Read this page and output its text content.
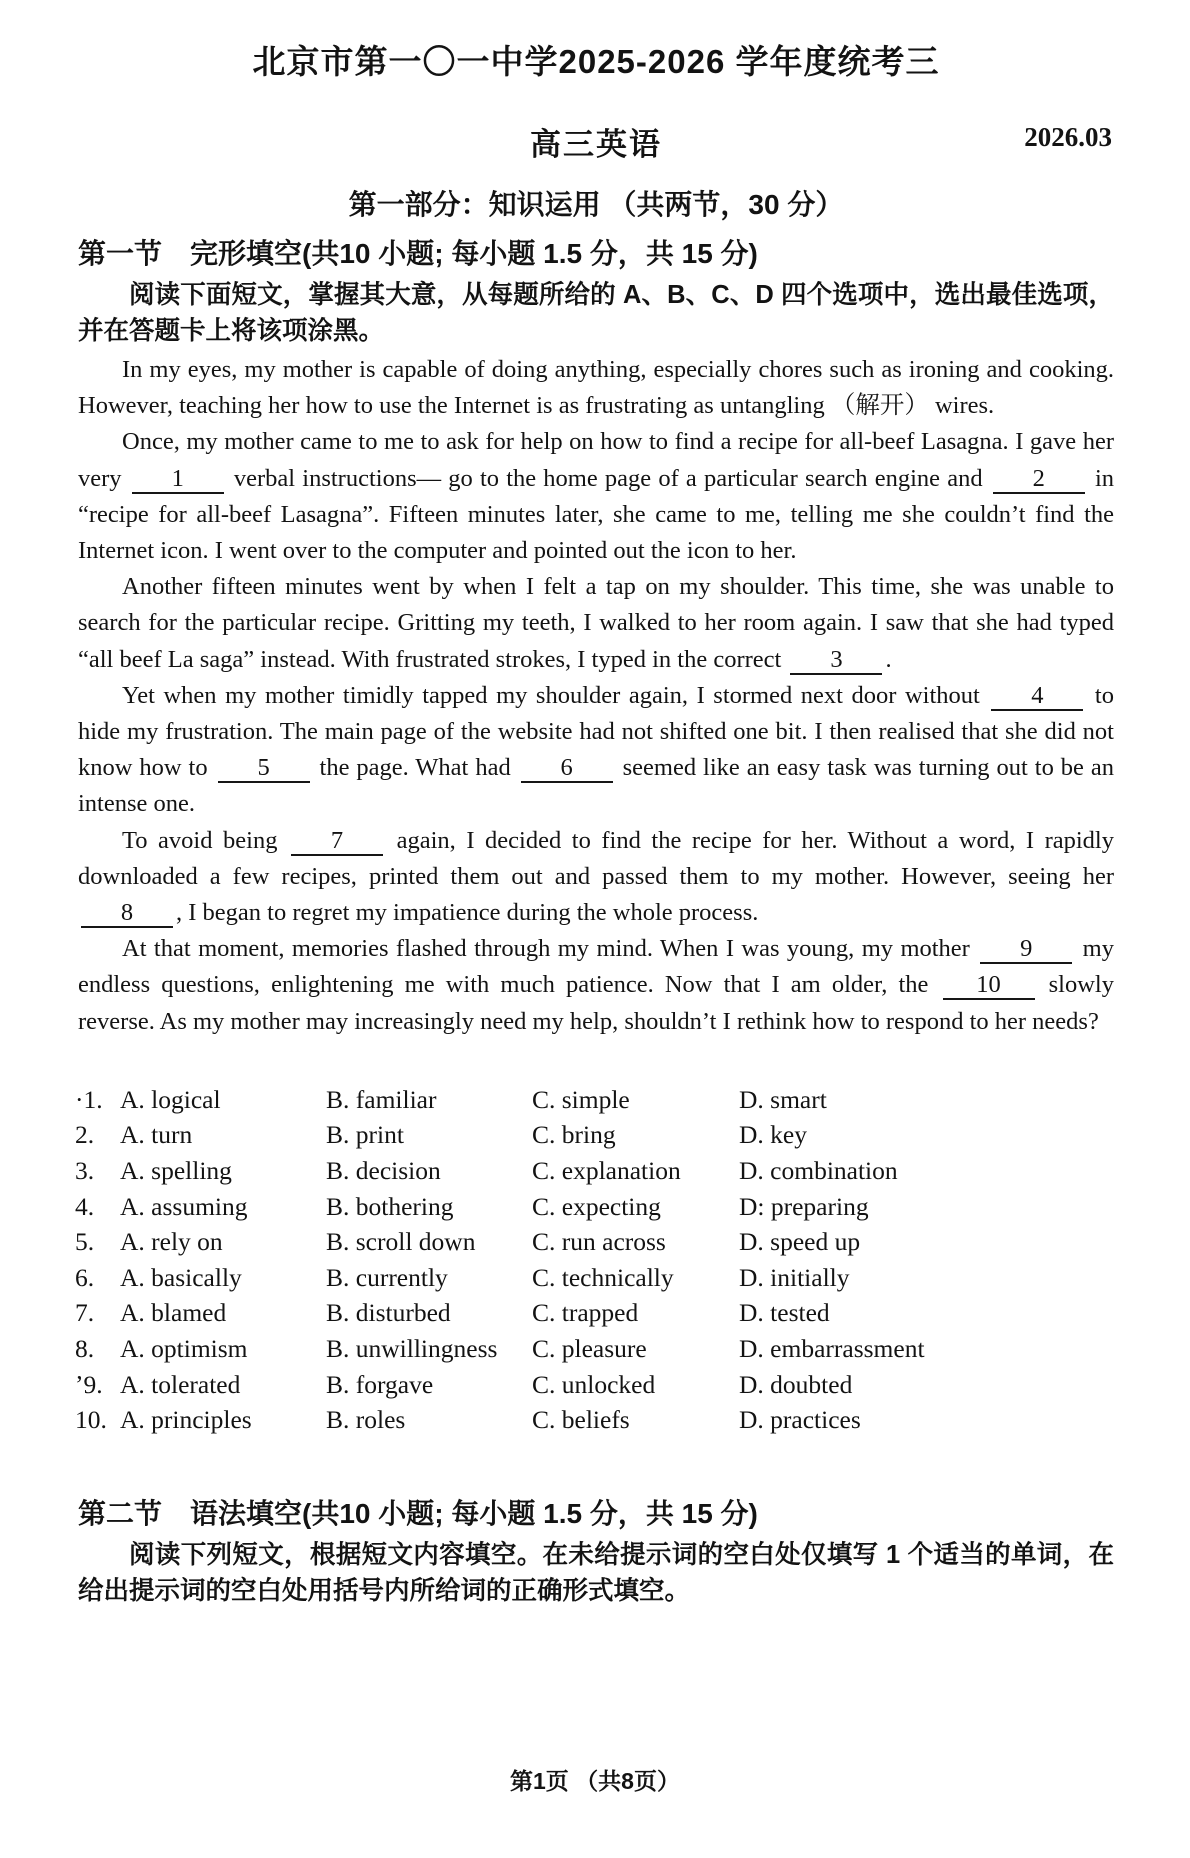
北京市第一〇一中学2025-2026 学年度统考三
高三英语	2026.03
第一部分：知识运用 （共两节，30 分）
第一节　完形填空(共10 小题; 每小题 1.5 分，共 15 分)

阅读下面短文，掌握其大意，从每题所给的 A、B、C、D 四个选项中，选出最佳选项，并在答题卡上将该项涂黑。

In my eyes, my mother is capable of doing anything, especially chores such as ironing and cooking. However, teaching her how to use the Internet is as frustrating as untangling （解开） wires.

Once, my mother came to me to ask for help on how to find a recipe for all-beef Lasagna. I gave her very 1 verbal instructions— go to the home page of a particular search engine and 2 in “recipe for all-beef Lasagna”. Fifteen minutes later, she came to me, telling me she couldn’t find the Internet icon. I went over to the computer and pointed out the icon to her.

Another fifteen minutes went by when I felt a tap on my shoulder. This time, she was unable to search for the particular recipe. Gritting my teeth, I walked to her room again. I saw that she had typed “all beef La saga” instead. With frustrated strokes, I typed in the correct 3 .

Yet when my mother timidly tapped my shoulder again, I stormed next door without 4 to hide my frustration. The main page of the website had not shifted one bit. I then realised that she did not know how to 5 the page. What had 6 seemed like an easy task was turning out to be an intense one.

To avoid being 7 again, I decided to find the recipe for her. Without a word, I rapidly downloaded a few recipes, printed them out and passed them to my mother. However, seeing her 8 , I began to regret my impatience during the whole process.

At that moment, memories flashed through my mind. When I was young, my mother 9 my endless questions, enlightening me with much patience. Now that I am older, the 10 slowly reverse. As my mother may increasingly need my help, shouldn’t I rethink how to respond to her needs?

·1. A. logical	B. familiar	C. simple	D. smart
2.	A. turn	B. print	C. bring	D. key
3.	A. spelling	B. decision	C. explanation	D. combination
4.	A. assuming	B. bothering	C. expecting	D: preparing
5.	A. rely on	B. scroll down	C. run across	D. speed up
6.	A. basically	B. currently	C. technically	D. initially
7.	A. blamed	B. disturbed	C. trapped	D. tested
8.	A. optimism	B. unwillingness	C. pleasure	D. embarrassment
ʼ9. A. tolerated	B. forgave	C. unlocked	D. doubted
10. A. principles	B. roles	C. beliefs	D. practices
第二节　语法填空(共10 小题; 每小题 1.5 分，共 15 分)

阅读下列短文，根据短文内容填空。在未给提示词的空白处仅填写 1 个适当的单词，在给出提示词的空白处用括号内所给词的正确形式填空。

第1页 （共8页）
